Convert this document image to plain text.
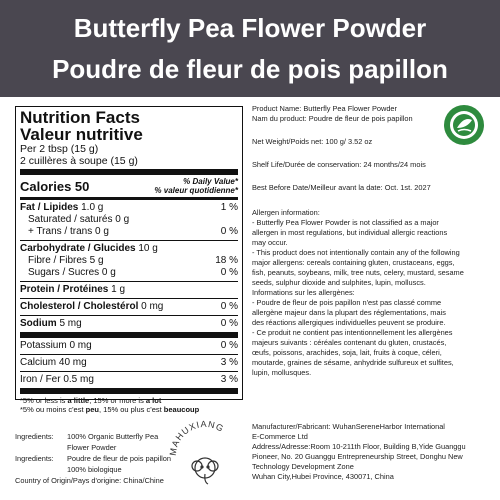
Butterfly Pea Flower Powder
Poudre de fleur de pois papillon
Nutrition Facts
Valeur nutritive
Per 2 tbsp (15 g)
2 cuillères à soupe (15 g)
Calories 50	% Daily Value*
% valeur quotidienne*
Fat / Lipides 1.0 g	1 %
Saturated / saturés 0 g
+ Trans / trans 0 g	0 %
Carbohydrate / Glucides 10 g
Fibre / Fibres 5 g	18 %
Sugars / Sucres 0 g	0 %
Protein / Protéines 1 g
Cholesterol / Cholestérol 0 mg	0 %
Sodium 5 mg	0 %
Potassium 0 mg	0 %
Calcium 40 mg	3 %
Iron / Fer 0.5 mg	3 %
*5% or less is a little, 15% or more is a lot
*5% ou moins c'est peu, 15% ou plus c'est beaucoup
Product Name: Butterfly Pea Flower Powder
Nam du product: Poudre de fleur de pois papillon
Net Weight/Poids net: 100 g/ 3.52 oz
Shelf Life/Durée de conservation: 24 months/24 mois
Best Before Date/Meilleur avant la date: Oct. 1st. 2027
Allergen information:
- Butterfly Pea Flower Powder is not classified as a major
allergen in most regulations, but individual allergic reactions
may occur.
- This product does not intentionally contain any of the following
major allergens: cereals containing gluten, crustaceans, eggs,
fish, peanuts, soybeans, milk, tree nuts, celery, mustard, sesame
seeds, sulphur dioxide and sulphites, lupin, molluscs.
Informations sur les allergènes:
- Poudre de fleur de pois papillon n'est pas classé comme
allergène majeur dans la plupart des réglementations, mais
des réactions allergiques individuelles peuvent se produire.
- Ce produit ne contient pas intentionnellement les allergènes
majeurs suivants : céréales contenant du gluten, crustacés,
œufs, poissons, arachides, soja, lait, fruits à coque, céleri,
moutarde, graines de sésame, anhydride sulfureux et sulfites,
lupin, mollusques.
Ingredients: 100% Organic Butterfly Pea
Flower Powder
Ingredients: Poudre de fleur de pois papillon
100% biologique
Country of Origin/Pays d'origine: China/Chine
MAHUXIANG	Manufacturer/Fabricant: WuhanSereneHarbor International
E-Commerce Ltd
Address/Adresse:Room 10-211th Floor, Building B,Yide Guanggu
Pioneer, No. 20 Guanggu Entrepreneurship Street, Donghu New
Technology Development Zone
Wuhan City,Hubei Province, 430071, China
